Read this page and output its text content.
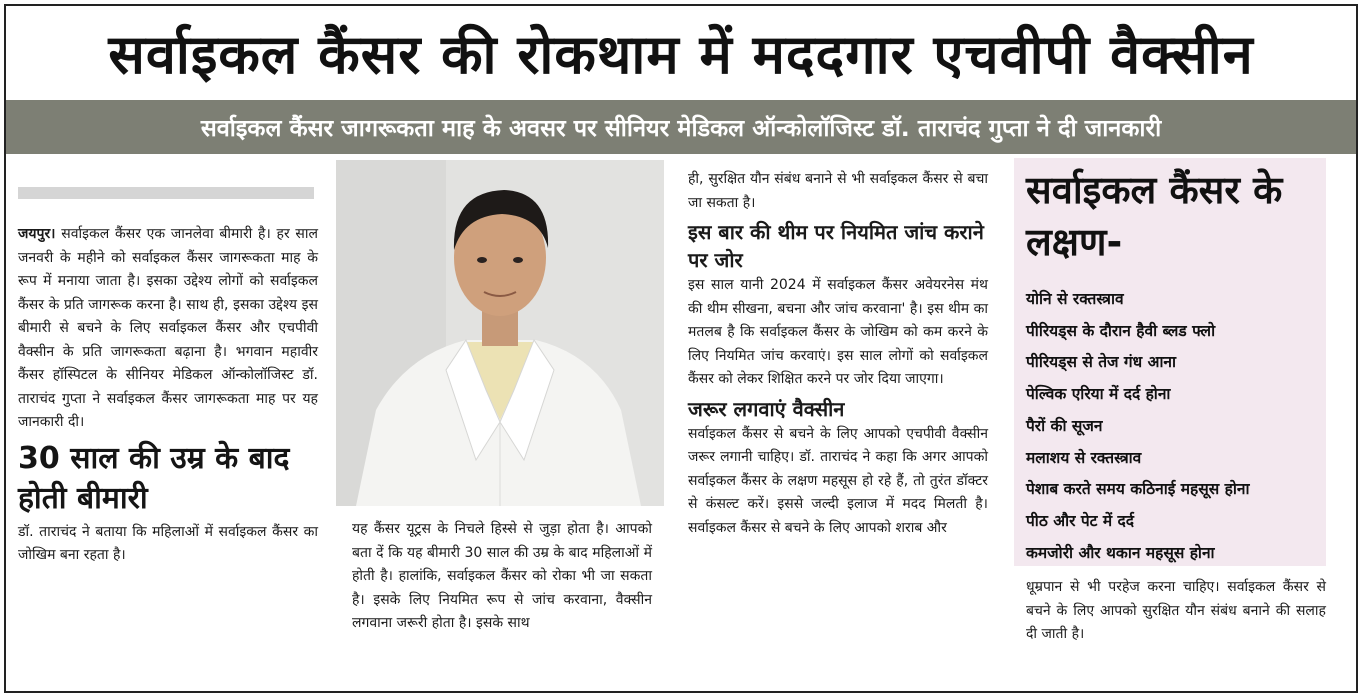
सर्वाइकल कैंसर की रोकथाम में मददगार एचवीपी वैक्सीन
सर्वाइकल कैंसर जागरूकता माह के अवसर पर सीनियर मेडिकल ऑन्कोलॉजिस्ट डॉ. ताराचंद गुप्ता ने दी जानकारी

जयपुर। सर्वाइकल कैंसर एक जानलेवा बीमारी है। हर साल जनवरी के महीने को सर्वाइकल कैंसर जागरूकता माह के रूप में मनाया जाता है। इसका उद्देश्य लोगों को सर्वाइकल कैंसर के प्रति जागरूक करना है। साथ ही, इसका उद्देश्य इस बीमारी से बचने के लिए सर्वाइकल कैंसर और एचपीवी वैक्सीन के प्रति जागरूकता बढ़ाना है। भगवान महावीर कैंसर हॉस्पिटल के सीनियर मेडिकल ऑन्कोलॉजिस्ट डॉ. ताराचंद गुप्ता ने सर्वाइकल कैंसर जागरूकता माह पर यह जानकारी दी।

30 साल की उम्र के बाद होती बीमारी

डॉ. ताराचंद ने बताया कि महिलाओं में सर्वाइकल कैंसर का जोखिम बना रहता है।

यह कैंसर यूट्रस के निचले हिस्से से जुड़ा होता है। आपको बता दें कि यह बीमारी 30 साल की उम्र के बाद महिलाओं में होती है। हालांकि, सर्वाइकल कैंसर को रोका भी जा सकता है। इसके लिए नियमित रूप से जांच करवाना, वैक्सीन लगवाना जरूरी होता है। इसके साथ

ही, सुरक्षित यौन संबंध बनाने से भी सर्वाइकल कैंसर से बचा जा सकता है।

इस बार की थीम पर नियमित जांच कराने पर जोर

इस साल यानी 2024 में सर्वाइकल कैंसर अवेयरनेस मंथ की थीम सीखना, बचना और जांच करवाना' है। इस थीम का मतलब है कि सर्वाइकल कैंसर के जोखिम को कम करने के लिए नियमित जांच करवाएं। इस साल लोगों को सर्वाइकल कैंसर को लेकर शिक्षित करने पर जोर दिया जाएगा।

जरूर लगवाएं वैक्सीन

सर्वाइकल कैंसर से बचने के लिए आपको एचपीवी वैक्सीन जरूर लगानी चाहिए। डॉ. ताराचंद ने कहा कि अगर आपको सर्वाइकल कैंसर के लक्षण महसूस हो रहे हैं, तो तुरंत डॉक्टर से कंसल्ट करें। इससे जल्दी इलाज में मदद मिलती है। सर्वाइकल कैंसर से बचने के लिए आपको शराब और

सर्वाइकल कैंसर के लक्षण-
योनि से रक्तस्त्राव
पीरियड्स के दौरान हैवी ब्लड फ्लो
पीरियड्स से तेज गंध आना
पेल्विक एरिया में दर्द होना
पैरों की सूजन
मलाशय से रक्तस्त्राव
पेशाब करते समय कठिनाई महसूस होना
पीठ और पेट में दर्द
कमजोरी और थकान महसूस होना

धूम्रपान से भी परहेज करना चाहिए। सर्वाइकल कैंसर से बचने के लिए आपको सुरक्षित यौन संबंध बनाने की सलाह दी जाती है।
